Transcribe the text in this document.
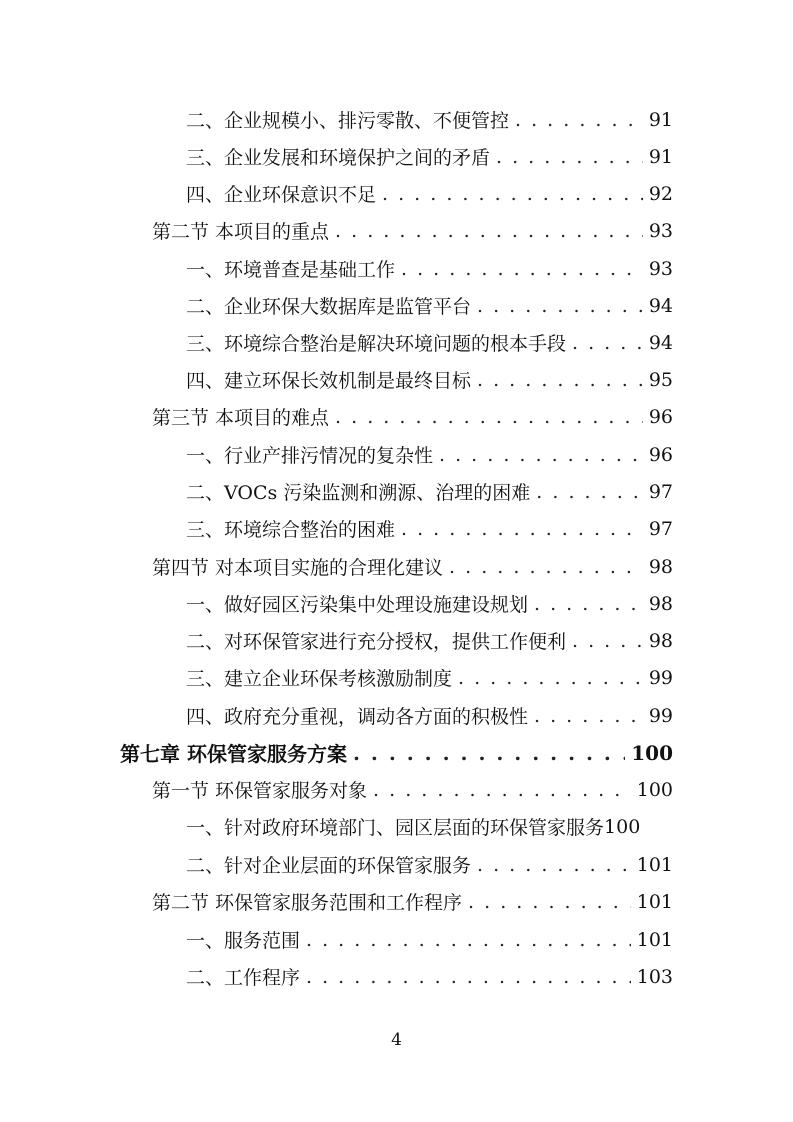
二、企业规模小、排污零散、不便管控 . . .	91
三、企业发展和环境保护之间的矛盾 . . .	91
四、企业环保意识不足 . . .	92
第二节 本项目的重点 . . .	93
一、环境普查是基础工作 . . .	93
二、企业环保大数据库是监管平台 . . .	94
三、环境综合整治是解决环境问题的根本手段 . . .	94
四、建立环保长效机制是最终目标 . . .	95
第三节 本项目的难点 . . .	96
一、行业产排污情况的复杂性 . . .	96
二、VOCs 污染监测和溯源、治理的困难 . . .	97
三、环境综合整治的困难 . . .	97
第四节 对本项目实施的合理化建议 . . .	98
一、做好园区污染集中处理设施建设规划 . . .	98
二、对环保管家进行充分授权，提供工作便利 . . .	98
三、建立企业环保考核激励制度 . . .	99
四、政府充分重视，调动各方面的积极性 . . .	99
第七章 环保管家服务方案 . . .	100
第一节 环保管家服务对象 . . .	100
一、针对政府环境部门、园区层面的环保管家服务 100
二、针对企业层面的环保管家服务 . . .	101
第二节 环保管家服务范围和工作程序 . . .	101
一、服务范围 . . .	101
二、工作程序 . . .	103
4
